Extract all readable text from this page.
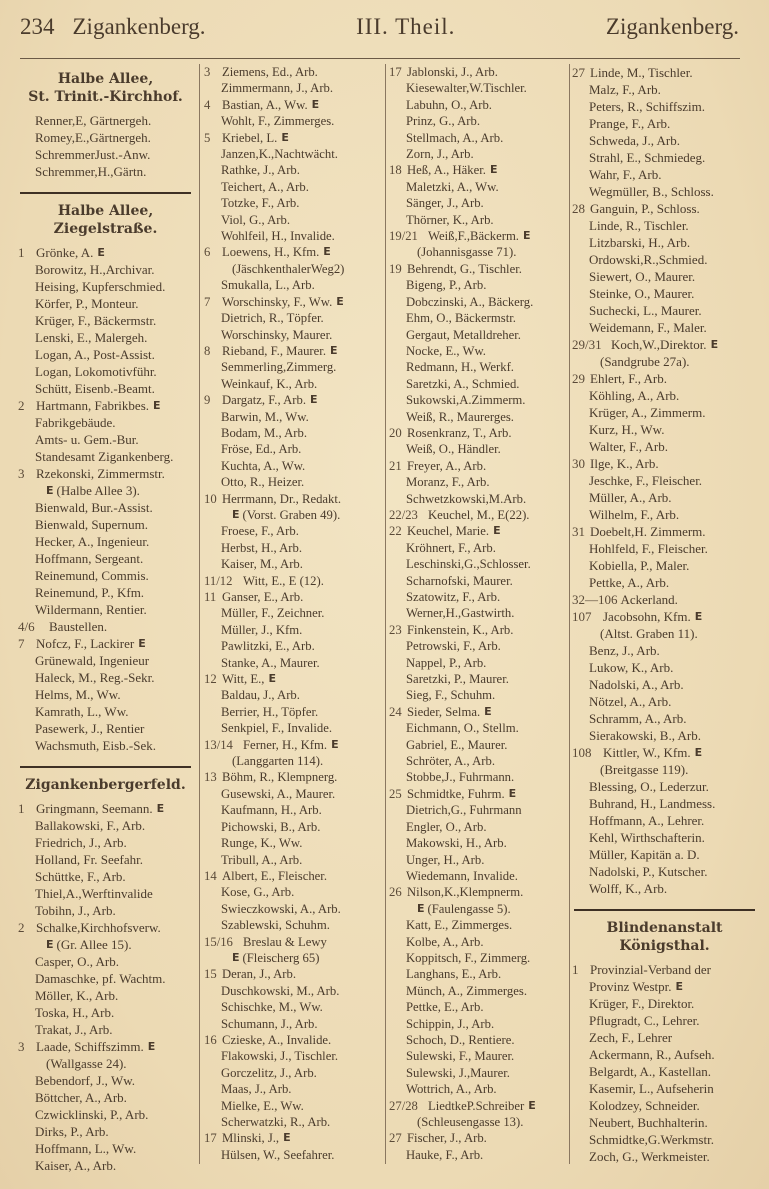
234 Zigankenberg.	III. Theil.	Zigankenberg.
Halbe Allee,
St. Trinit.-Kirchhof.
Renner,E, Gärtnergeh.
Romey,E.,Gärtnergeh.
SchremmerJust.-Anw.
Schremmer,H.,Gärtn.
Halbe Allee,
Ziegelstraße.
1 Grönke, A. E
Borowitz, H.,Archivar.
Heising, Kupferschmied.
Körfer, P., Monteur.
Krüger, F., Bäckermstr.
Lenski, E., Malergeh.
Logan, A., Post-Assist.
Logan, Lokomotivführ.
Schütt, Eisenb.-Beamt.
2 Hartmann, Fabrikbes. E
Fabrikgebäude.
Amts- u. Gem.-Bur.
Standesamt Zigankenberg.
3 Rzekonski, Zimmermstr.
E (Halbe Allee 3).
Bienwald, Bur.-Assist.
Bienwald, Supernum.
Hecker, A., Ingenieur.
Hoffmann, Sergeant.
Reinemund, Commis.
Reinemund, P., Kfm.
Wildermann, Rentier.
4/6	Baustellen.
7 Nofcz, F., Lackirer E
Grünewald, Ingenieur
Haleck, M., Reg.-Sekr.
Helms, M., Ww.
Kamrath, L., Ww.
Pasewerk, J., Rentier
Wachsmuth, Eisb.-Sek.
Zigankenbergerfeld.
1 Gringmann, Seemann. E
Ballakowski, F., Arb.
Friedrich, J., Arb.
Holland, Fr. Seefahr.
Schüttke, F., Arb.
Thiel,A.,Werftinvalide
Tobihn, J., Arb.
2 Schalke,Kirchhofsverw.
E (Gr. Allee 15).
Casper, O., Arb.
Damaschke, pf. Wachtm.
Möller, K., Arb.
Toska, H., Arb.
Trakat, J., Arb.
3 Laade, Schiffszimm. E
(Wallgasse 24).
Bebendorf, J., Ww.
Böttcher, A., Arb.
Czwicklinski, P., Arb.
Dirks, P., Arb.
Hoffmann, L., Ww.
Kaiser, A., Arb.
3 Ziemens, Ed., Arb.
Zimmermann, J., Arb.
4 Bastian, A., Ww. E
Wohlt, F., Zimmerges.
5 Kriebel, L. E
Janzen,K.,Nachtwächt.
Rathke, J., Arb.
Teichert, A., Arb.
Totzke, F., Arb.
Viol, G., Arb.
Wohlfeil, H., Invalide.
6 Loewens, H., Kfm. E
(JäschkenthalerWeg2)
Smukalla, L., Arb.
7 Worschinsky, F., Ww. E
Dietrich, R., Töpfer.
Worschinsky, Maurer.
8 Rieband, F., Maurer. E
Semmerling,Zimmerg.
Weinkauf, K., Arb.
9 Dargatz, F., Arb. E
Barwin, M., Ww.
Bodam, M., Arb.
Fröse, Ed., Arb.
Kuchta, A., Ww.
Otto, R., Heizer.
10 Herrmann, Dr., Redakt.
E (Vorst. Graben 49).
Froese, F., Arb.
Herbst, H., Arb.
Kaiser, M., Arb.
11/12 Witt, E., E (12).
11 Ganser, E., Arb.
Müller, F., Zeichner.
Müller, J., Kfm.
Pawlitzki, E., Arb.
Stanke, A., Maurer.
12 Witt, E., E
Baldau, J., Arb.
Berrier, H., Töpfer.
Senkpiel, F., Invalide.
13/14 Ferner, H., Kfm. E
(Langgarten 114).
13 Böhm, R., Klempnerg.
Gusewski, A., Maurer.
Kaufmann, H., Arb.
Pichowski, B., Arb.
Runge, K., Ww.
Tribull, A., Arb.
14 Albert, E., Fleischer.
Kose, G., Arb.
Swieczkowski, A., Arb.
Szablewski, Schuhm.
15/16 Breslau & Lewy
E (Fleischerg 65)
15 Deran, J., Arb.
Duschkowski, M., Arb.
Schischke, M., Ww.
Schumann, J., Arb.
16 Czieske, A., Invalide.
Flakowski, J., Tischler.
Gorczelitz, J., Arb.
Maas, J., Arb.
Mielke, E., Ww.
Scherwatzki, R., Arb.
17 Mlinski, J., E
Hülsen, W., Seefahrer.
17 Jablonski, J., Arb.
Kiesewalter,W.Tischler.
Labuhn, O., Arb.
Prinz, G., Arb.
Stellmach, A., Arb.
Zorn, J., Arb.
18 Heß, A., Häker. E
Maletzki, A., Ww.
Sänger, J., Arb.
Thörner, K., Arb.
19/21 Weiß,F.,Bäckerm. E
(Johannisgasse 71).
19 Behrendt, G., Tischler.
Bigeng, P., Arb.
Dobczinski, A., Bäckerg.
Ehm, O., Bäckermstr.
Gergaut, Metalldreher.
Nocke, E., Ww.
Redmann, H., Werkf.
Saretzki, A., Schmied.
Sukowski,A.Zimmerm.
Weiß, R., Maurerges.
20 Rosenkranz, T., Arb.
Weiß, O., Händler.
21 Freyer, A., Arb.
Moranz, F., Arb.
Schwetzkowski,M.Arb.
22/23 Keuchel, M., E(22).
22 Keuchel, Marie. E
Kröhnert, F., Arb.
Leschinski,G.,Schlosser.
Scharnofski, Maurer.
Szatowitz, F., Arb.
Werner,H.,Gastwirth.
23 Finkenstein, K., Arb.
Petrowski, F., Arb.
Nappel, P., Arb.
Saretzki, P., Maurer.
Sieg, F., Schuhm.
24 Sieder, Selma. E
Eichmann, O., Stellm.
Gabriel, E., Maurer.
Schröter, A., Arb.
Stobbe,J., Fuhrmann.
25 Schmidtke, Fuhrm. E
Dietrich,G., Fuhrmann
Engler, O., Arb.
Makowski, H., Arb.
Unger, H., Arb.
Wiedemann, Invalide.
26 Nilson,K.,Klempnerm.
E (Faulengasse 5).
Katt, E., Zimmerges.
Kolbe, A., Arb.
Koppitsch, F., Zimmerg.
Langhans, E., Arb.
Münch, A., Zimmerges.
Pettke, E., Arb.
Schippin, J., Arb.
Schoch, D., Rentiere.
Sulewski, F., Maurer.
Sulewski, J.,Maurer.
Wottrich, A., Arb.
27/28 LiedtkeP.Schreiber E
(Schleusengasse 13).
27 Fischer, J., Arb.
Hauke, F., Arb.
27 Linde, M., Tischler.
Malz, F., Arb.
Peters, R., Schiffszim.
Prange, F., Arb.
Schweda, J., Arb.
Strahl, E., Schmiedeg.
Wahr, F., Arb.
Wegmüller, B., Schloss.
28 Ganguin, P., Schloss.
Linde, R., Tischler.
Litzbarski, H., Arb.
Ordowski,R.,Schmied.
Siewert, O., Maurer.
Steinke, O., Maurer.
Suchecki, L., Maurer.
Weidemann, F., Maler.
29/31 Koch,W.,Direktor. E
(Sandgrube 27a).
29 Ehlert, F., Arb.
Köhling, A., Arb.
Krüger, A., Zimmerm.
Kurz, H., Ww.
Walter, F., Arb.
30 Ilge, K., Arb.
Jeschke, F., Fleischer.
Müller, A., Arb.
Wilhelm, F., Arb.
31 Doebelt,H. Zimmerm.
Hohlfeld, F., Fleischer.
Kobiella, P., Maler.
Pettke, A., Arb.
32—106 Ackerland.
107 Jacobsohn, Kfm. E
(Altst. Graben 11).
Benz, J., Arb.
Lukow, K., Arb.
Nadolski, A., Arb.
Nötzel, A., Arb.
Schramm, A., Arb.
Sierakowski, B., Arb.
108 Kittler, W., Kfm. E
(Breitgasse 119).
Blessing, O., Lederzur.
Buhrand, H., Landmess.
Hoffmann, A., Lehrer.
Kehl, Wirthschafterin.
Müller, Kapitän a. D.
Nadolski, P., Kutscher.
Wolff, K., Arb.
Blindenanstalt
Königsthal.
1 Provinzial-Verband der
Provinz Westpr. E
Krüger, F., Direktor.
Pflugradt, C., Lehrer.
Zech, F., Lehrer
Ackermann, R., Aufseh.
Belgardt, A., Kastellan.
Kasemir, L., Aufseherin
Kolodzey, Schneider.
Neubert, Buchhalterin.
Schmidtke,G.Werkmstr.
Zoch, G., Werkmeister.
